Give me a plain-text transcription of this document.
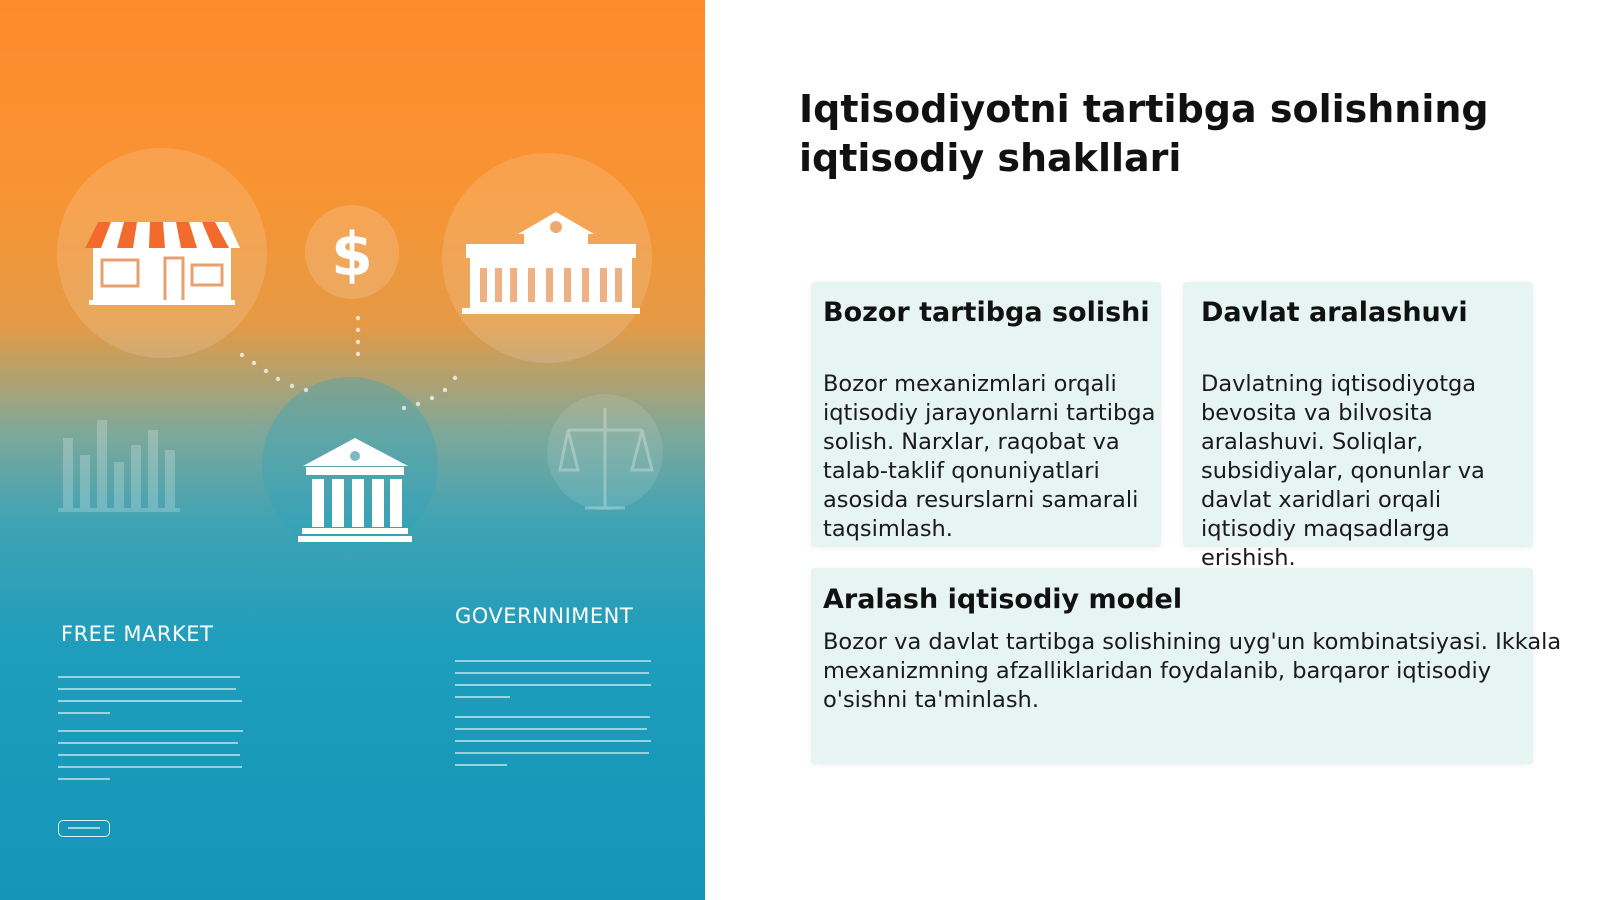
$
FREE MARKET
GOVERNNIMENT
Iqtisodiyotni tartibga solishning iqtisodiy shakllari
Bozor tartibga solishi

Bozor mexanizmlari orqali iqtisodiy jarayonlarni tartibga solish. Narxlar, raqobat va talab-taklif qonuniyatlari asosida resurslarni samarali taqsimlash.

Davlat aralashuvi

Davlatning iqtisodiyotga bevosita va bilvosita aralashuvi. Soliqlar, subsidiyalar, qonunlar va davlat xaridlari orqali iqtisodiy maqsadlarga erishish.

Aralash iqtisodiy model

Bozor va davlat tartibga solishining uyg'un kombinatsiyasi. Ikkala mexanizmning afzalliklaridan foydalanib, barqaror iqtisodiy o'sishni ta'minlash.
